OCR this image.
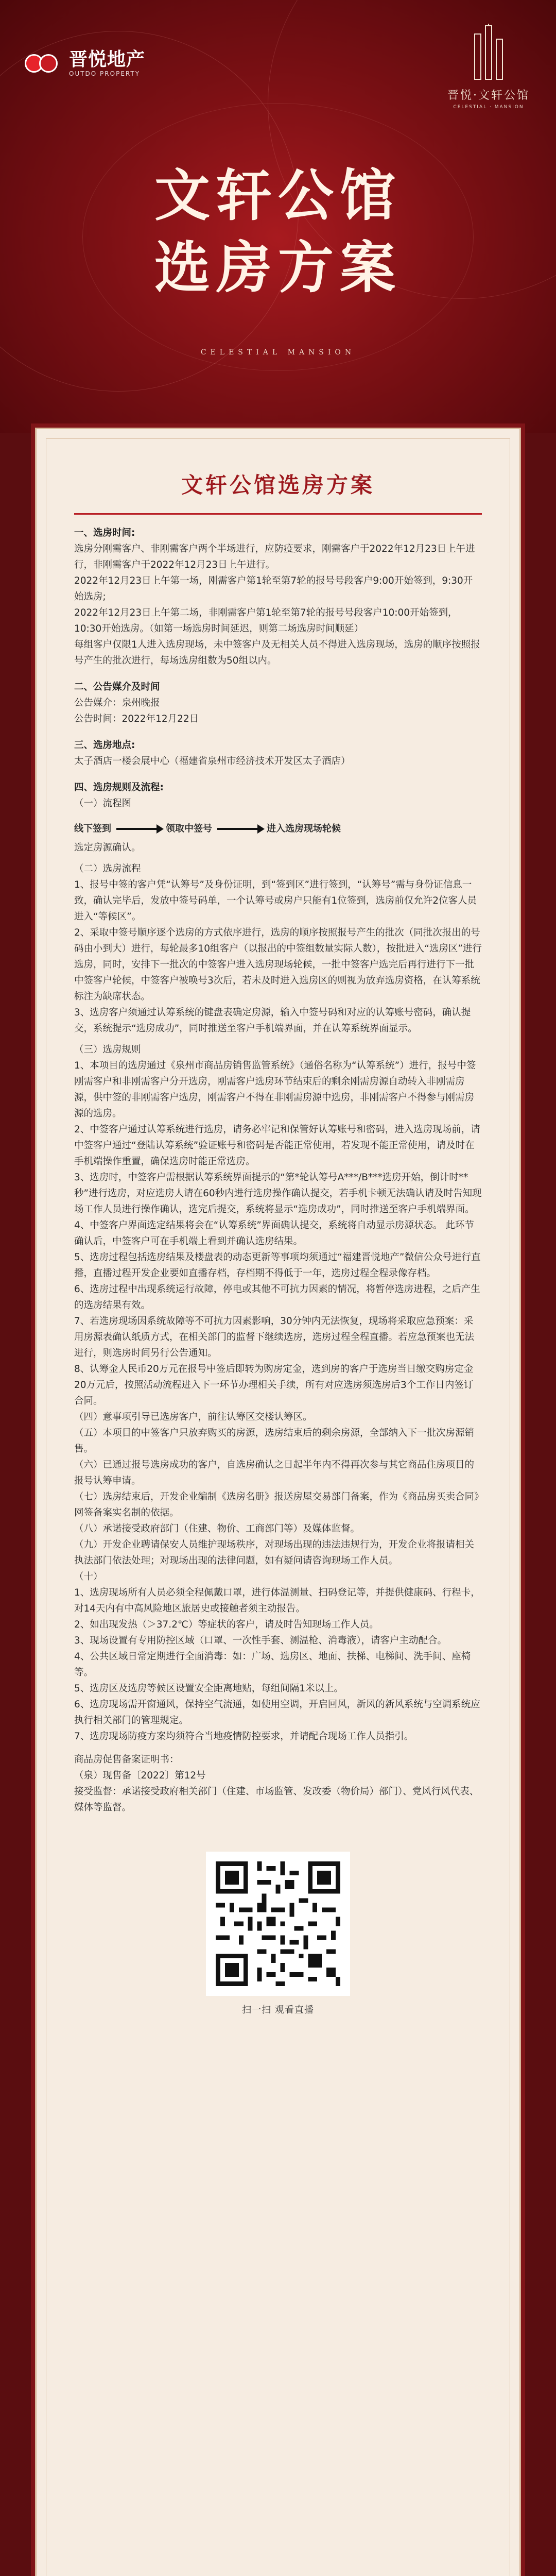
晋悦地产
OUTDO PROPERTY
晋悦·文轩公馆
CELESTIAL · MANSION
文轩公馆
选房方案
CELESTIAL MANSION
文轩公馆选房方案
一、选房时间:
选房分刚需客户、非刚需客户两个半场进行，应防疫要求，刚需客户于2022年12月23日上午进行，非刚需客户于2022年12月23日上午进行。
2022年12月23日上午第一场，刚需客户第1轮至第7轮的报号号段客户9:00开始签到，9:30开始选房;
2022年12月23日上午第二场，非刚需客户第1轮至第7轮的报号号段客户10:00开始签到，10:30开始选房。（如第一场选房时间延迟，则第二场选房时间顺延）
每组客户仅限1人进入选房现场，未中签客户及无相关人员不得进入选房现场，选房的顺序按照报号产生的批次进行，每场选房组数为50组以内。
二、公告媒介及时间
公告媒介：泉州晚报
公告时间：2022年12月22日
三、选房地点:
太子酒店一楼会展中心（福建省泉州市经济技术开发区太子酒店）
四、选房规则及流程:
（一）流程图
线下签到	领取中签号	进入选房现场轮候
选定房源确认。
（二）选房流程
1、报号中签的客户凭“认筹号”及身份证明，到“签到区”进行签到，“认筹号”需与身份证信息一致，确认完毕后，发放中签号码单，一个认筹号或房户只能有1位签到，选房前仅允许2位客人员进入“等候区”。
2、采取中签号顺序逐个选房的方式依序进行，选房的顺序按照报号产生的批次（同批次报出的号码由小到大）进行，每轮最多10组客户（以报出的中签组数量实际人数），按批进入“选房区”进行选房，同时，安排下一批次的中签客户进入选房现场轮候，一批中签客户选完后再行进行下一批中签客户轮候，中签客户被唤号3次后，若未及时进入选房区的则视为放弃选房资格，在认筹系统标注为缺席状态。
3、选房客户须通过认筹系统的键盘表确定房源，输入中签号码和对应的认筹账号密码，确认提交，系统提示“选房成功”，同时推送至客户手机端界面，并在认筹系统界面显示。
（三）选房规则
1、本项目的选房通过《泉州市商品房销售监管系统》（通俗名称为“认筹系统”）进行，报号中签刚需客户和非刚需客户分开选房，刚需客户选房环节结束后的剩余刚需房源自动转入非刚需房源，供中签的非刚需客户选房，刚需客户不得在非刚需房源中选房，非刚需客户不得参与刚需房源的选房。
2、中签客户通过认筹系统进行选房，请务必牢记和保管好认筹账号和密码，进入选房现场前，请中签客户通过“登陆认筹系统”验证账号和密码是否能正常使用，若发现不能正常使用，请及时在手机端操作重置，确保选房时能正常选房。
3、选房时，中签客户需根据认筹系统界面提示的“第*轮认筹号A***/B***选房开始，倒计时**秒”进行选房，对应选房人请在60秒内进行选房操作确认提交，若手机卡顿无法确认请及时告知现场工作人员进行操作确认，选完后提交，系统将显示“选房成功”，同时推送至客户手机端界面。
4、中签客户界面选定结果将会在“认筹系统”界面确认提交，系统将自动显示房源状态。 此环节确认后，中签客户可在手机端上看到并确认选房结果。
5、选房过程包括选房结果及楼盘表的动态更新等事项均须通过“福建晋悦地产”微信公众号进行直播，直播过程开发企业要如直播存档，存档期不得低于一年，选房过程全程录像存档。
6、选房过程中出现系统运行故障，停电或其他不可抗力因素的情况，将暂停选房进程，之后产生的选房结果有效。
7、若选房现场因系统故障等不可抗力因素影响，30分钟内无法恢复，现场将采取应急预案：采用房源表确认纸质方式，在相关部门的监督下继续选房，选房过程全程直播。若应急预案也无法进行，则选房时间另行公告通知。
8、认筹金人民币20万元在报号中签后即转为购房定金，选到房的客户于选房当日缴交购房定金20万元后，按照活动流程进入下一环节办理相关手续，所有对应选房须选房后3个工作日内签订合同。
（四）意事项引导已选房客户，前往认筹区交楼认筹区。
（五）本项目的中签客户只放弃购买的房源，选房结束后的剩余房源，全部纳入下一批次房源销售。
（六）已通过报号选房成功的客户，自选房确认之日起半年内不得再次参与其它商品住房项目的报号认筹申请。
（七）选房结束后，开发企业编制《选房名册》报送房屋交易部门备案，作为《商品房买卖合同》网签备案实名制的依据。
（八）承诺接受政府部门（住建、物价、工商部门等）及媒体监督。
（九）开发企业聘请保安人员维护现场秩序，对现场出现的违法违规行为，开发企业将报请相关执法部门依法处理；对现场出现的法律问题，如有疑问请咨询现场工作人员。
（十）
1、选房现场所有人员必须全程佩戴口罩，进行体温测量、扫码登记等，并提供健康码、行程卡，对14天内有中高风险地区旅居史或接触者须主动报告。
2、如出现发热（＞37.2℃）等症状的客户，请及时告知现场工作人员。
3、现场设置有专用防控区域（口罩、一次性手套、测温枪、消毒液），请客户主动配合。
4、公共区域日常定期进行全面消毒：如：广场、选房区、地面、扶梯、电梯间、洗手间、座椅等。
5、选房区及选房等候区设置安全距离地贴，每组间隔1米以上。
6、选房现场需开窗通风，保持空气流通，如使用空调，开启回风，新风的新风系统与空调系统应执行相关部门的管理规定。
7、选房现场防疫方案均须符合当地疫情防控要求，并请配合现场工作人员指引。
商品房促售备案证明书：
（泉）现售备〔2022〕第12号
接受监督：承诺接受政府相关部门（住建、市场监管、发改委（物价局）部门）、党风行风代表、媒体等监督。
扫一扫 观看直播
